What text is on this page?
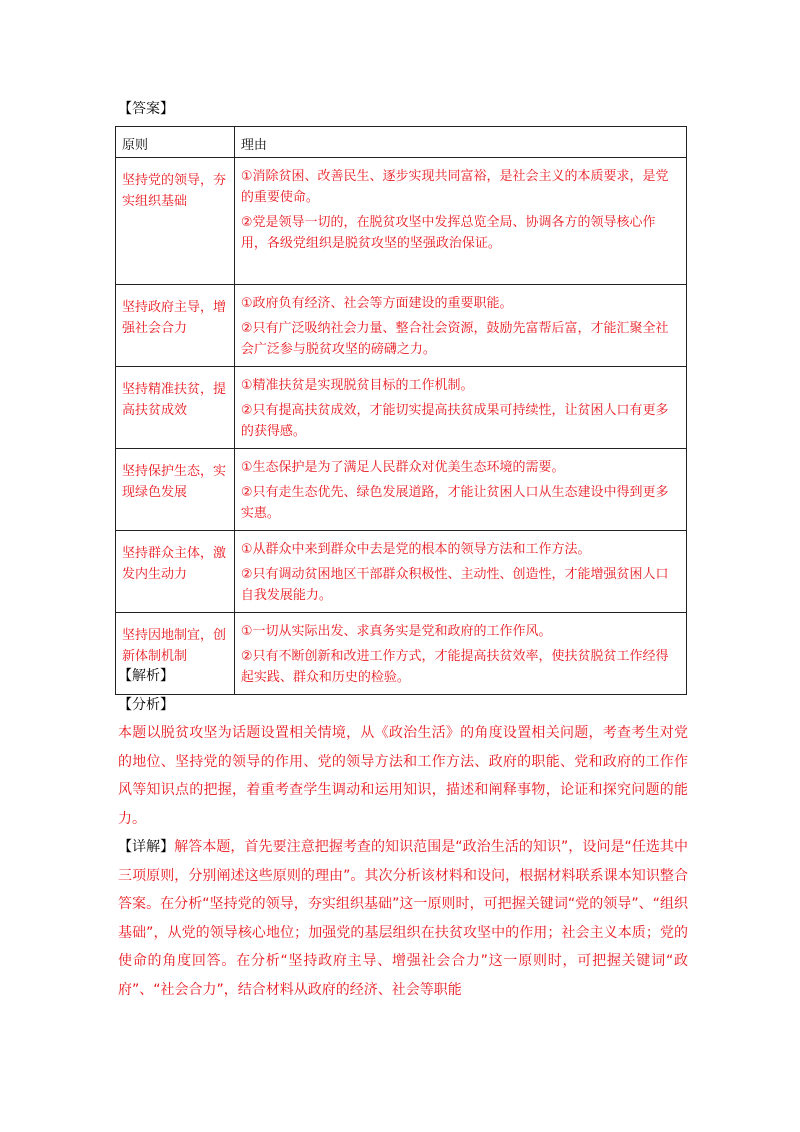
【答案】
原则	理由

坚持党的领导，夯实组织基础	①消除贫困、改善民生、逐步实现共同富裕，是社会主义的本质要求，是党的重要使命。

②党是领导一切的，在脱贫攻坚中发挥总览全局、协调各方的领导核心作用，各级党组织是脱贫攻坚的坚强政治保证。

坚持政府主导，增强社会合力	①政府负有经济、社会等方面建设的重要职能。

②只有广泛吸纳社会力量、整合社会资源，鼓励先富帮后富，才能汇聚全社会广泛参与脱贫攻坚的磅礴之力。

坚持精准扶贫，提高扶贫成效	①精准扶贫是实现脱贫目标的工作机制。

②只有提高扶贫成效，才能切实提高扶贫成果可持续性，让贫困人口有更多的获得感。

坚持保护生态，实现绿色发展	①生态保护是为了满足人民群众对优美生态环境的需要。

②只有走生态优先、绿色发展道路，才能让贫困人口从生态建设中得到更多实惠。

坚持群众主体，激发内生动力	①从群众中来到群众中去是党的根本的领导方法和工作方法。

②只有调动贫困地区干部群众积极性、主动性、创造性，才能增强贫困人口自我发展能力。

坚持因地制宜，创新体制机制	①一切从实际出发、求真务实是党和政府的工作作风。

②只有不断创新和改进工作方式，才能提高扶贫效率，使扶贫脱贫工作经得起实践、群众和历史的检验。

【解析】
【分析】
本题以脱贫攻坚为话题设置相关情境，从《政治生活》的角度设置相关问题，考查考生对党的地位、坚持党的领导的作用、党的领导方法和工作方法、政府的职能、党和政府的工作作风等知识点的把握，着重考查学生调动和运用知识，描述和阐释事物，论证和探究问题的能力。
【详解】解答本题，首先要注意把握考查的知识范围是“政治生活的知识”，设问是“任选其中三项原则，分别阐述这些原则的理由”。其次分析该材料和设问，根据材料联系课本知识整合答案。在分析“坚持党的领导，夯实组织基础”这一原则时，可把握关键词“党的领导”、“组织基础”，从党的领导核心地位；加强党的基层组织在扶贫攻坚中的作用；社会主义本质；党的使命的角度回答。在分析“坚持政府主导、增强社会合力”这一原则时，可把握关键词“政府”、“社会合力”，结合材料从政府的经济、社会等职能
